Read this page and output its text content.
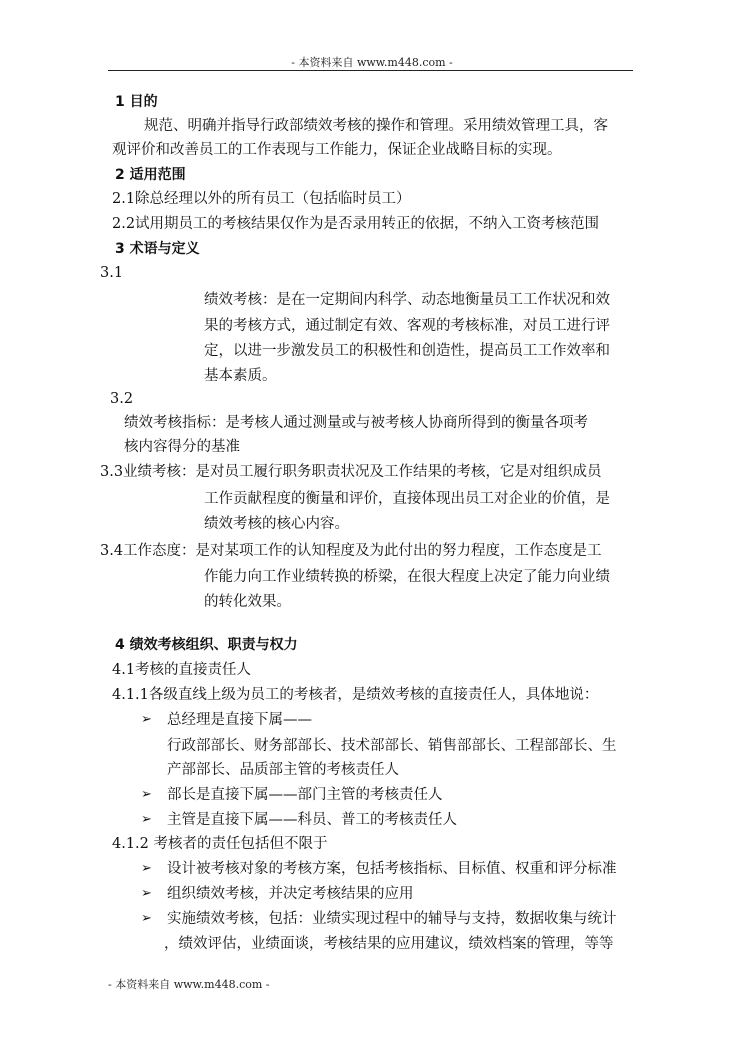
- 本资料来自 www.m448.com -
1 目的
规范、明确并指导行政部绩效考核的操作和管理。采用绩效管理工具，客
观评价和改善员工的工作表现与工作能力，保证企业战略目标的实现。
2 适用范围
2.1除总经理以外的所有员工（包括临时员工）
2.2试用期员工的考核结果仅作为是否录用转正的依据，不纳入工资考核范围
3 术语与定义
3.1
绩效考核：是在一定期间内科学、动态地衡量员工工作状况和效
果的考核方式，通过制定有效、客观的考核标准，对员工进行评
定，以进一步激发员工的积极性和创造性，提高员工工作效率和
基本素质。
3.2
绩效考核指标：是考核人通过测量或与被考核人协商所得到的衡量各项考
核内容得分的基准
3.3业绩考核：是对员工履行职务职责状况及工作结果的考核，它是对组织成员
工作贡献程度的衡量和评价，直接体现出员工对企业的价值，是
绩效考核的核心内容。
3.4工作态度：是对某项工作的认知程度及为此付出的努力程度，工作态度是工
作能力向工作业绩转换的桥梁，在很大程度上决定了能力向业绩
的转化效果。
4 绩效考核组织、职责与权力
4.1考核的直接责任人
4.1.1各级直线上级为员工的考核者，是绩效考核的直接责任人，具体地说：
➢ 总经理是直接下属——
行政部部长、财务部部长、技术部部长、销售部部长、工程部部长、生
产部部长、品质部主管的考核责任人
➢ 部长是直接下属——部门主管的考核责任人
➢ 主管是直接下属——科员、普工的考核责任人
4.1.2 考核者的责任包括但不限于
➢ 设计被考核对象的考核方案，包括考核指标、目标值、权重和评分标准
➢ 组织绩效考核，并决定考核结果的应用
➢ 实施绩效考核，包括：业绩实现过程中的辅导与支持，数据收集与统计
，绩效评估，业绩面谈，考核结果的应用建议，绩效档案的管理，等等
- 本资料来自 www.m448.com -
